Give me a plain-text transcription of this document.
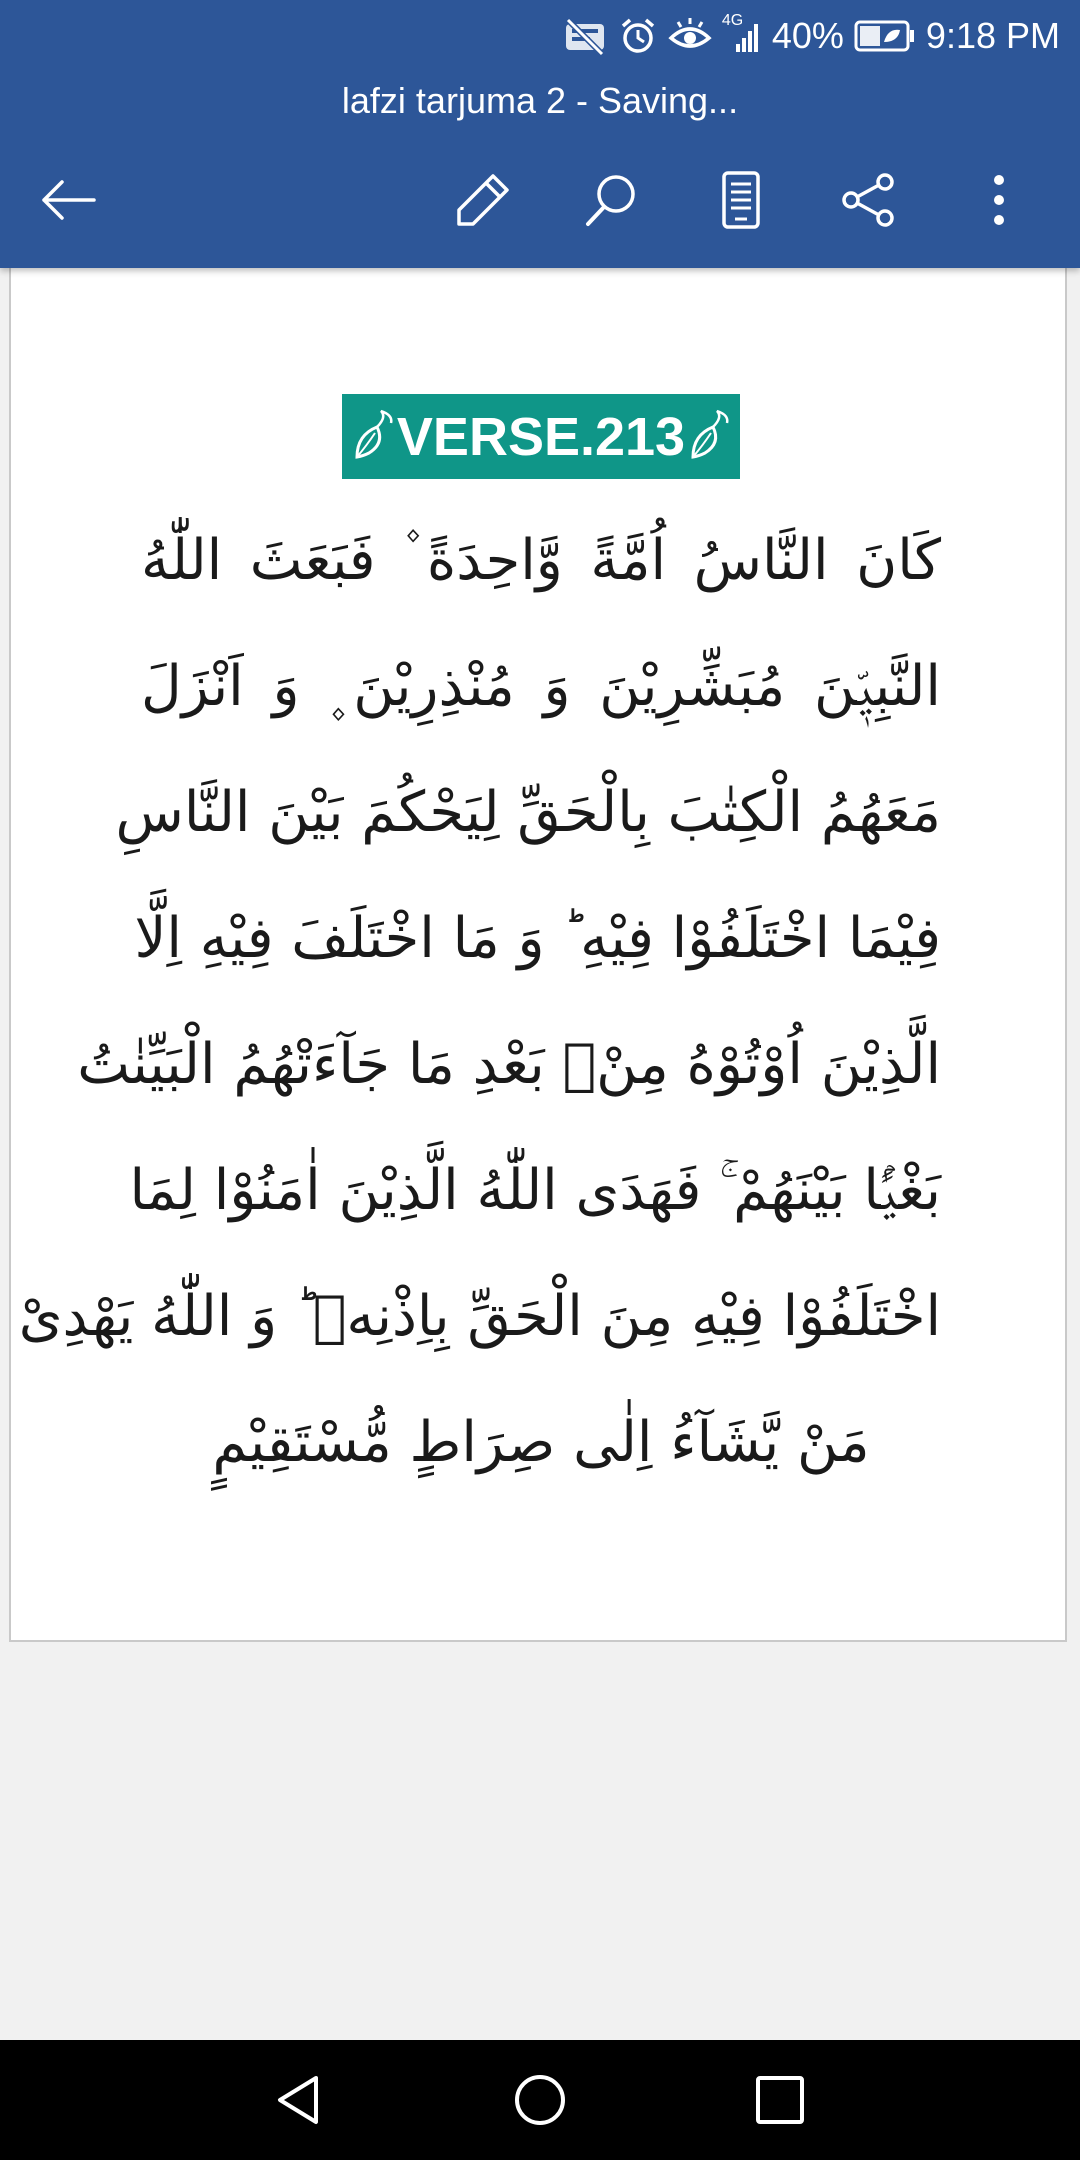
4G 40% 9:18 PM
lafzi tarjuma 2 - Saving...
VERSE.213
كَانَ النَّاسُ اُمَّةً وَّاحِدَةً ۫ فَبَعَثَ اللّٰهُ
النَّبِيّٖنَ مُبَشِّرِيْنَ وَ مُنْذِرِيْنَ ۪ وَ اَنْزَلَ
مَعَهُمُ الْكِتٰبَ بِالْحَقِّ لِيَحْكُمَ بَيْنَ النَّاسِ
فِيْمَا اخْتَلَفُوْا فِيْهِ ؕ وَ مَا اخْتَلَفَ فِيْهِ اِلَّا
الَّذِيْنَ اُوْتُوْهُ مِنْۢ بَعْدِ مَا جَآءَتْهُمُ الْبَيِّنٰتُ
بَغْيًۢا بَيْنَهُمْ ۚ فَهَدَى اللّٰهُ الَّذِيْنَ اٰمَنُوْا لِمَا
اخْتَلَفُوْا فِيْهِ مِنَ الْحَقِّ بِاِذْنِهٖ ؕ وَ اللّٰهُ يَهْدِیْ
مَنْ يَّشَآءُ اِلٰى صِرَاطٍ مُّسْتَقِيْمٍ
